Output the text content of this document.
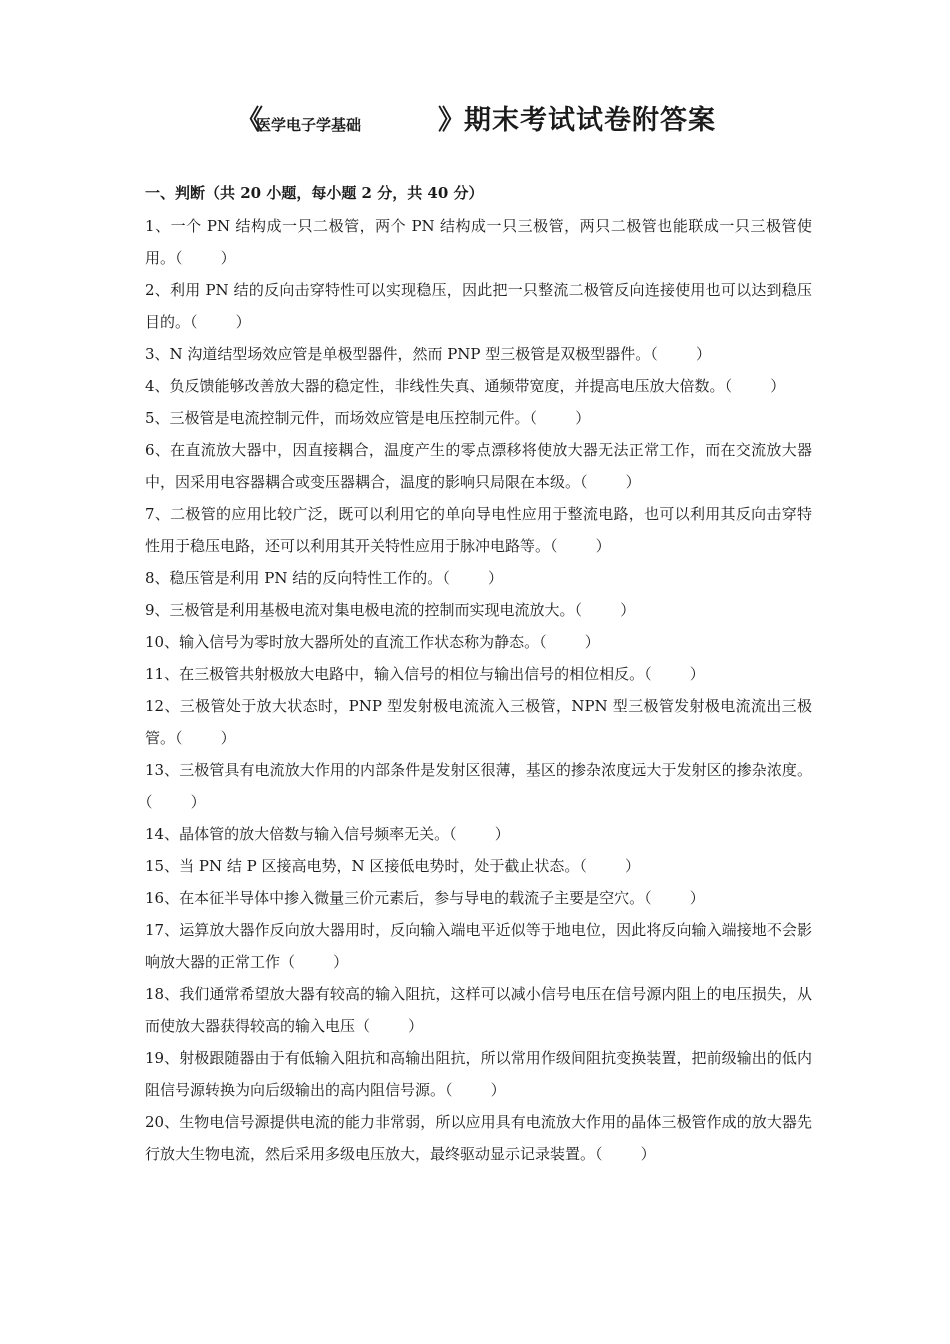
《
医学电子学基础	》 期末考试试卷附答案
一、判断（共 20 小题，每小题 2 分，共 40 分）

1、一个 PN 结构成一只二极管，两个 PN 结构成一只三极管，两只二极管也能联成一只三极管使用。（        ）

2、利用 PN 结的反向击穿特性可以实现稳压，因此把一只整流二极管反向连接使用也可以达到稳压目的。（        ）

3、N 沟道结型场效应管是单极型器件，然而 PNP 型三极管是双极型器件。（        ）

4、负反馈能够改善放大器的稳定性，非线性失真、通频带宽度，并提高电压放大倍数。（        ）

5、三极管是电流控制元件，而场效应管是电压控制元件。（        ）

6、在直流放大器中，因直接耦合，温度产生的零点漂移将使放大器无法正常工作，而在交流放大器中，因采用电容器耦合或变压器耦合，温度的影响只局限在本级。（        ）

7、二极管的应用比较广泛，既可以利用它的单向导电性应用于整流电路，也可以利用其反向击穿特性用于稳压电路，还可以利用其开关特性应用于脉冲电路等。（        ）

8、稳压管是利用 PN 结的反向特性工作的。（        ）

9、三极管是利用基极电流对集电极电流的控制而实现电流放大。（        ）

10、输入信号为零时放大器所处的直流工作状态称为静态。（        ）

11、在三极管共射极放大电路中，输入信号的相位与输出信号的相位相反。（        ）

12、三极管处于放大状态时，PNP 型发射极电流流入三极管，NPN 型三极管发射极电流流出三极管。（        ）

13、三极管具有电流放大作用的内部条件是发射区很薄，基区的掺杂浓度远大于发射区的掺杂浓度。（        ）

14、晶体管的放大倍数与输入信号频率无关。（        ）

15、当 PN 结 P 区接高电势，N 区接低电势时，处于截止状态。（        ）

16、在本征半导体中掺入微量三价元素后，参与导电的载流子主要是空穴。（        ）

17、运算放大器作反向放大器用时，反向输入端电平近似等于地电位，因此将反向输入端接地不会影响放大器的正常工作（        ）

18、我们通常希望放大器有较高的输入阻抗，这样可以减小信号电压在信号源内阻上的电压损失，从而使放大器获得较高的输入电压（        ）

19、射极跟随器由于有低输入阻抗和高输出阻抗，所以常用作级间阻抗变换装置，把前级输出的低内阻信号源转换为向后级输出的高内阻信号源。（        ）

20、生物电信号源提供电流的能力非常弱，所以应用具有电流放大作用的晶体三极管作成的放大器先行放大生物电流，然后采用多级电压放大，最终驱动显示记录装置。（        ）
